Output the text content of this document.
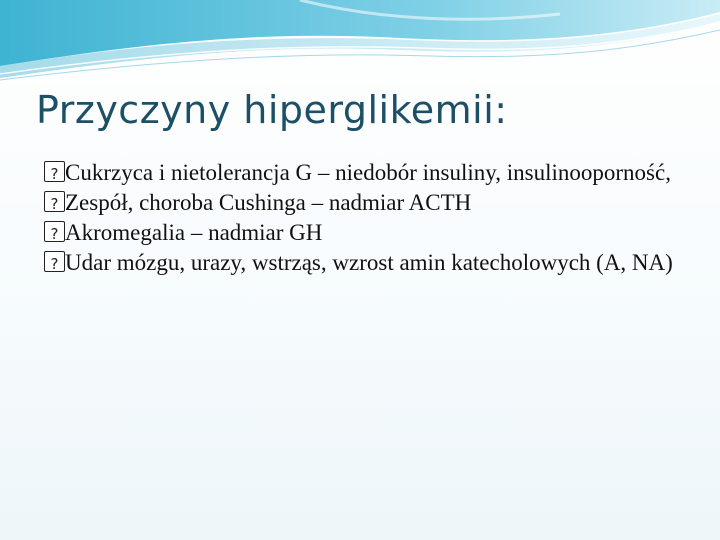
Przyczyny hiperglikemii:
?
Cukrzyca i nietolerancja G – niedobór insuliny, insulinooporność,
?
Zespół, choroba Cushinga – nadmiar ACTH
?
Akromegalia – nadmiar GH
?
Udar mózgu, urazy, wstrząs, wzrost amin katecholowych (A, NA)
